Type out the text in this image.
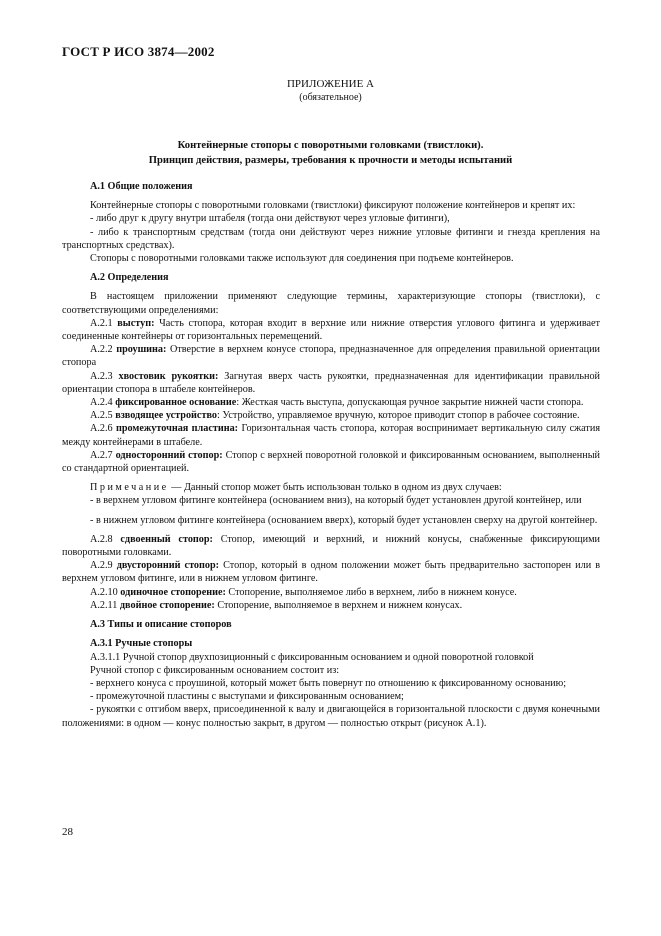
ГОСТ Р ИСО 3874—2002
ПРИЛОЖЕНИЕ А
(обязательное)
Контейнерные стопоры с поворотными головками (твистлоки).
Принцип действия, размеры, требования к прочности и методы испытаний

А.1 Общие положения

Контейнерные стопоры с поворотными головками (твистлоки) фиксируют положение контейнеров и крепят их:

- либо друг к другу внутри штабеля (тогда они действуют через угловые фитинги),

- либо к транспортным средствам (тогда они действуют через нижние угловые фитинги и гнезда крепления на транспортных средствах).

Стопоры с поворотными головками также используют для соединения при подъеме контейнеров.

А.2 Определения

В настоящем приложении применяют следующие термины, характеризующие стопоры (твистлоки), с соответствующими определениями:

А.2.1 выступ: Часть стопора, которая входит в верхние или нижние отверстия углового фитинга и удерживает соединенные контейнеры от горизонтальных перемещений.

А.2.2 проушина: Отверстие в верхнем конусе стопора, предназначенное для определения правильной ориентации стопора

А.2.3 хвостовик рукоятки: Загнутая вверх часть рукоятки, предназначенная для идентификации правильной ориентации стопора в штабеле контейнеров.

А.2.4 фиксированное основание: Жесткая часть выступа, допускающая ручное закрытие нижней части стопора.

А.2.5 взводящее устройство: Устройство, управляемое вручную, которое приводит стопор в рабочее состояние.

А.2.6 промежуточная пластина: Горизонтальная часть стопора, которая воспринимает вертикальную силу сжатия между контейнерами в штабеле.

А.2.7 односторонний стопор: Стопор с верхней поворотной головкой и фиксированным основанием, выполненный со стандартной ориентацией.

Примечание — Данный стопор может быть использован только в одном из двух случаев:

- в верхнем угловом фитинге контейнера (основанием вниз), на который будет установлен другой контейнер, или

- в нижнем угловом фитинге контейнера (основанием вверх), который будет установлен сверху на другой контейнер.

А.2.8 сдвоенный стопор: Стопор, имеющий и верхний, и нижний конусы, снабженные фиксирующими поворотными головками.

А.2.9 двусторонний стопор: Стопор, который в одном положении может быть предварительно застопорен или в верхнем угловом фитинге, или в нижнем угловом фитинге.

А.2.10 одиночное стопорение: Стопорение, выполняемое либо в верхнем, либо в нижнем конусе.

А.2.11 двойное стопорение: Стопорение, выполняемое в верхнем и нижнем конусах.

А.3 Типы и описание стопоров

А.3.1 Ручные стопоры

А.3.1.1 Ручной стопор двухпозиционный с фиксированным основанием и одной поворотной головкой

Ручной стопор с фиксированным основанием состоит из:

- верхнего конуса с проушиной, который может быть повернут по отношению к фиксированному основанию;

- промежуточной пластины с выступами и фиксированным основанием;

- рукоятки с отгибом вверх, присоединенной к валу и двигающейся в горизонтальной плоскости с двумя конечными положениями: в одном — конус полностью закрыт, в другом — полностью открыт (рисунок А.1).

28
